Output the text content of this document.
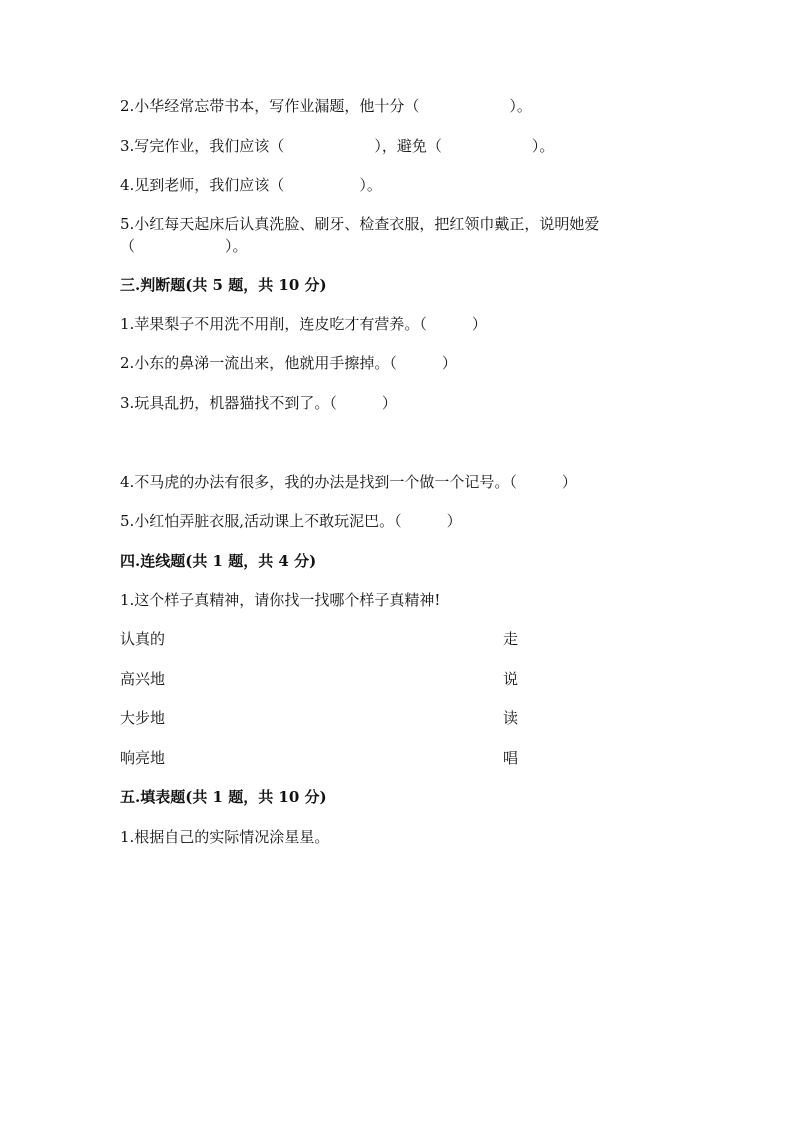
2.小华经常忘带书本，写作业漏题，他十分（　　　　　　）。
3.写完作业，我们应该（　　　　　　），避免（　　　　　　）。
4.见到老师，我们应该（　　　　　）。
5.小红每天起床后认真洗脸、刷牙、检查衣服，把红领巾戴正，说明她爱
（　　　　　　）。
三.判断题(共 5 题，共 10 分)
1.苹果梨子不用洗不用削，连皮吃才有营养。（　　　）
2.小东的鼻涕一流出来，他就用手擦掉。（　　　）
3.玩具乱扔，机器猫找不到了。（　　　）
4.不马虎的办法有很多，我的办法是找到一个做一个记号。（　　　）
5.小红怕弄脏衣服,活动课上不敢玩泥巴。（　　　）
四.连线题(共 1 题，共 4 分)
1.这个样子真精神，请你找一找哪个样子真精神!
认真的	走
高兴地	说
大步地	读
响亮地	唱
五.填表题(共 1 题，共 10 分)
1.根据自己的实际情况涂星星。
